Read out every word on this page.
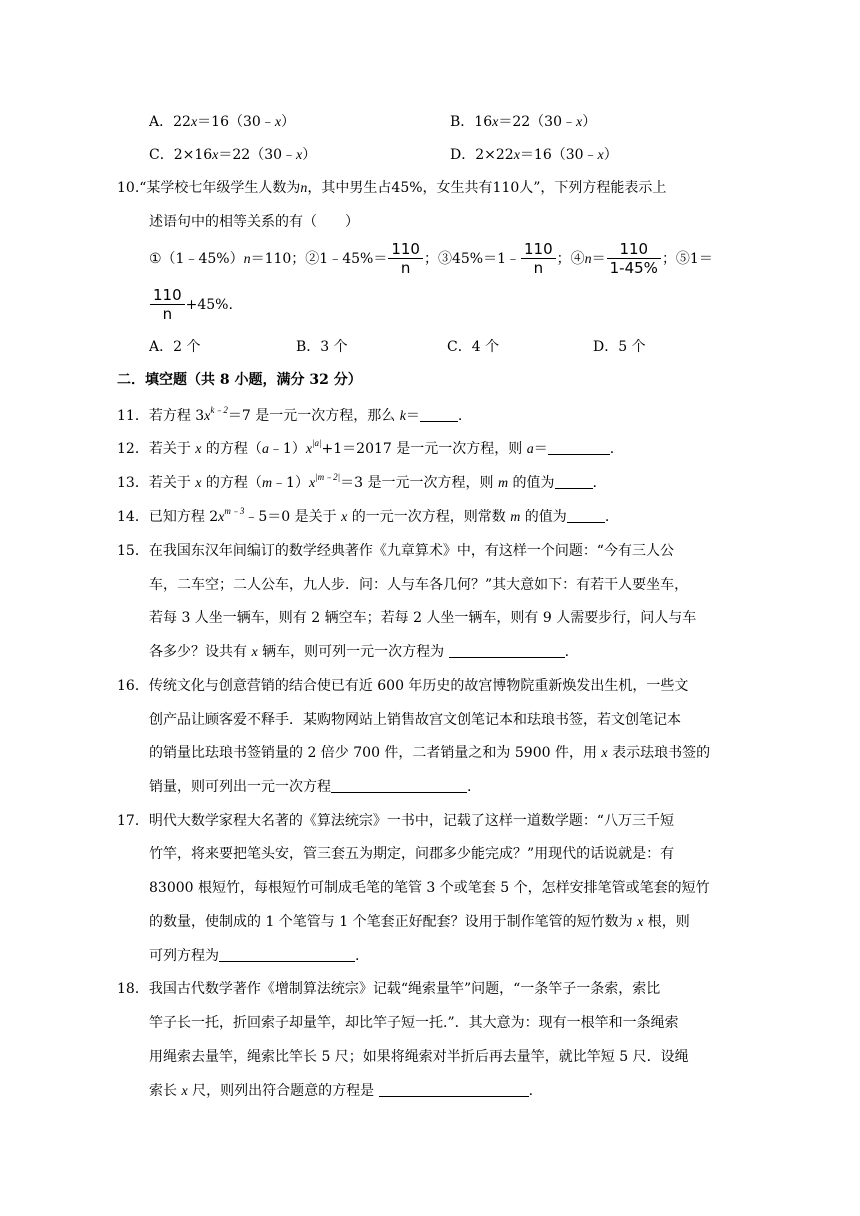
A．22x＝16（30﹣x）	B．16x＝22（30﹣x）
C．2×16x＝22（30﹣x）	D．2×22x＝16（30﹣x）
10.“某学校七年级学生人数为n，其中男生占45%，女生共有110人”，下列方程能表示上
述语句中的相等关系的有（　　）
①（1﹣45%）n＝110；②1﹣45%＝ $\frac{110}{n}$ ；③45%＝1﹣ $\frac{110}{n}$ ；④n＝ $\frac{110}{1-45\%}$ ；⑤1＝
$\frac{110}{n} +45\%$.
A．2 个	B．3 个	C．4 个	D．5 个
二．填空题（共 8 小题，满分 32 分）
11．若方程 $3x^{k﹣2}=7$ 是一元一次方程，那么 k＝	.
12．若关于 x 的方程$(a﹣1)x^{|a|}+1=2017$ 是一元一次方程，则 a＝	.
13．若关于 x 的方程$(m﹣1)x^{|m﹣2|}=3$ 是一元一次方程，则 m 的值为	.
14．已知方程 $2x^{m﹣3}﹣5=0$ 是关于 x 的一元一次方程，则常数 m 的值为	.
15．在我国东汉年间编订的数学经典著作《九章算术》中，有这样一个问题：“今有三人公
车，二车空；二人公车，九人步．问：人与车各几何？”其大意如下：有若干人要坐车，
若每 3 人坐一辆车，则有 2 辆空车；若每 2 人坐一辆车，则有 9 人需要步行，问人与车
各多少？设共有 x 辆车，则可列一元一次方程为	.
16．传统文化与创意营销的结合使已有近 600 年历史的故宫博物院重新焕发出生机，一些文
创产品让顾客爱不释手．某购物网站上销售故宫文创笔记本和珐琅书签，若文创笔记本
的销量比珐琅书签销量的 2 倍少 700 件，二者销量之和为 5900 件，用 x 表示珐琅书签的
销量，则可列出一元一次方程	.
17．明代大数学家程大名著的《算法统宗》一书中，记载了这样一道数学题：“八万三千短
竹竿，将来要把笔头安，管三套五为期定，问郡多少能完成？”用现代的话说就是：有
83000 根短竹，每根短竹可制成毛笔的笔管 3 个或笔套 5 个，怎样安排笔管或笔套的短竹
的数量，使制成的 1 个笔管与 1 个笔套正好配套？设用于制作笔管的短竹数为 x 根，则
可列方程为	.
18．我国古代数学著作《增制算法统宗》记载“绳索量竿”问题，“一条竿子一条索，索比
竿子长一托，折回索子却量竿，却比竿子短一托.”．其大意为：现有一根竿和一条绳索
用绳索去量竿，绳索比竿长 5 尺；如果将绳索对半折后再去量竿，就比竿短 5 尺．设绳
索长 x 尺，则列出符合题意的方程是	.
